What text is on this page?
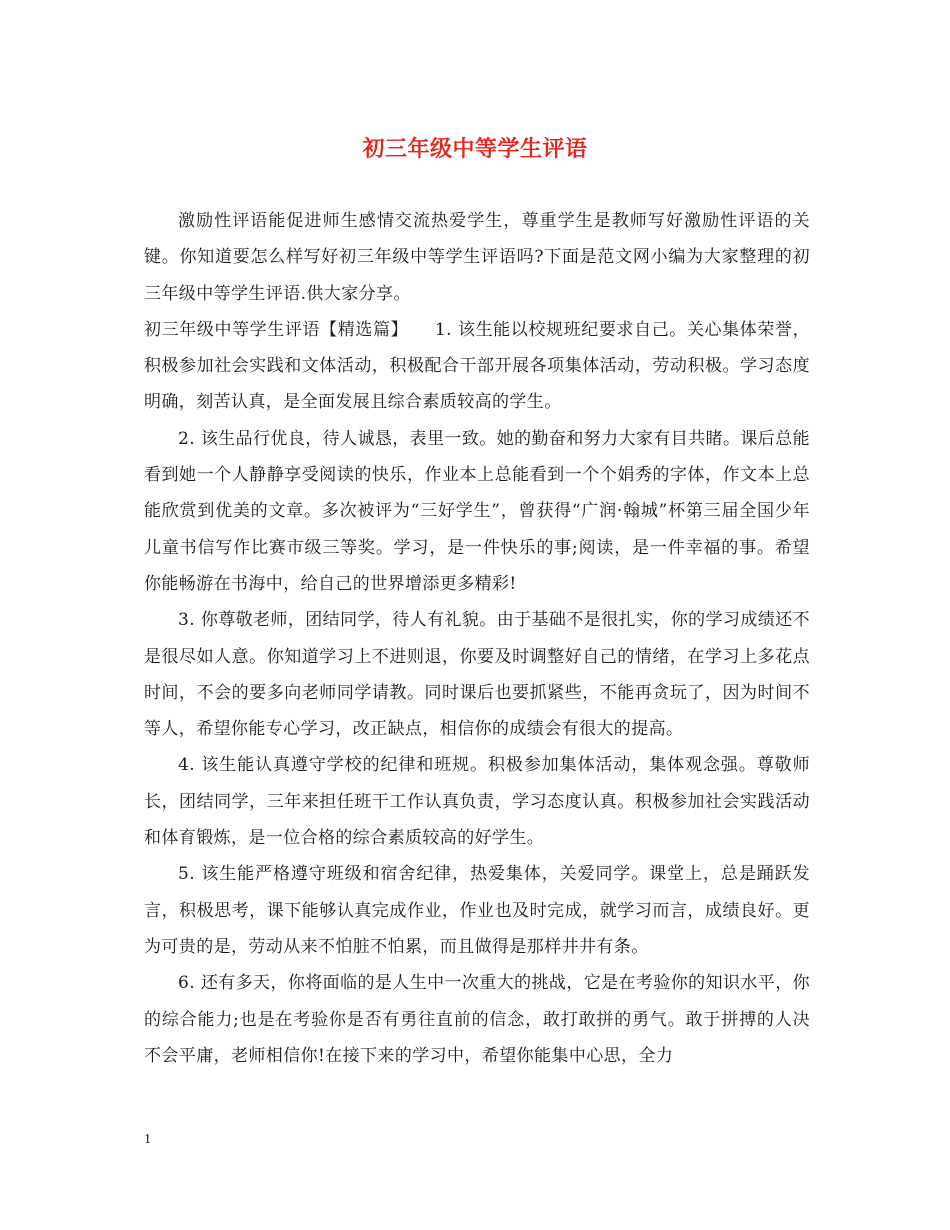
初三年级中等学生评语

激励性评语能促进师生感情交流热爱学生，尊重学生是教师写好激励性评语的关键。你知道要怎么样写好初三年级中等学生评语吗?下面是范文网小编为大家整理的初三年级中等学生评语.供大家分享。

初三年级中等学生评语【精选篇】　　1. 该生能以校规班纪要求自己。关心集体荣誉，积极参加社会实践和文体活动，积极配合干部开展各项集体活动，劳动积极。学习态度明确，刻苦认真，是全面发展且综合素质较高的学生。

2. 该生品行优良，待人诚恳，表里一致。她的勤奋和努力大家有目共睹。课后总能看到她一个人静静享受阅读的快乐，作业本上总能看到一个个娟秀的字体，作文本上总能欣赏到优美的文章。多次被评为“三好学生”，曾获得“广润·翰城”杯第三届全国少年儿童书信写作比赛市级三等奖。学习，是一件快乐的事;阅读，是一件幸福的事。希望你能畅游在书海中，给自己的世界增添更多精彩!

3. 你尊敬老师，团结同学，待人有礼貌。由于基础不是很扎实，你的学习成绩还不是很尽如人意。你知道学习上不进则退，你要及时调整好自己的情绪，在学习上多花点时间，不会的要多向老师同学请教。同时课后也要抓紧些，不能再贪玩了，因为时间不等人，希望你能专心学习，改正缺点，相信你的成绩会有很大的提高。

4. 该生能认真遵守学校的纪律和班规。积极参加集体活动，集体观念强。尊敬师长，团结同学，三年来担任班干工作认真负责，学习态度认真。积极参加社会实践活动和体育锻炼，是一位合格的综合素质较高的好学生。

5. 该生能严格遵守班级和宿舍纪律，热爱集体，关爱同学。课堂上，总是踊跃发言，积极思考，课下能够认真完成作业，作业也及时完成，就学习而言，成绩良好。更为可贵的是，劳动从来不怕脏不怕累，而且做得是那样井井有条。

6. 还有多天，你将面临的是人生中一次重大的挑战，它是在考验你的知识水平，你的综合能力;也是在考验你是否有勇往直前的信念，敢打敢拼的勇气。敢于拼搏的人决不会平庸，老师相信你!在接下来的学习中，希望你能集中心思，全力

1
